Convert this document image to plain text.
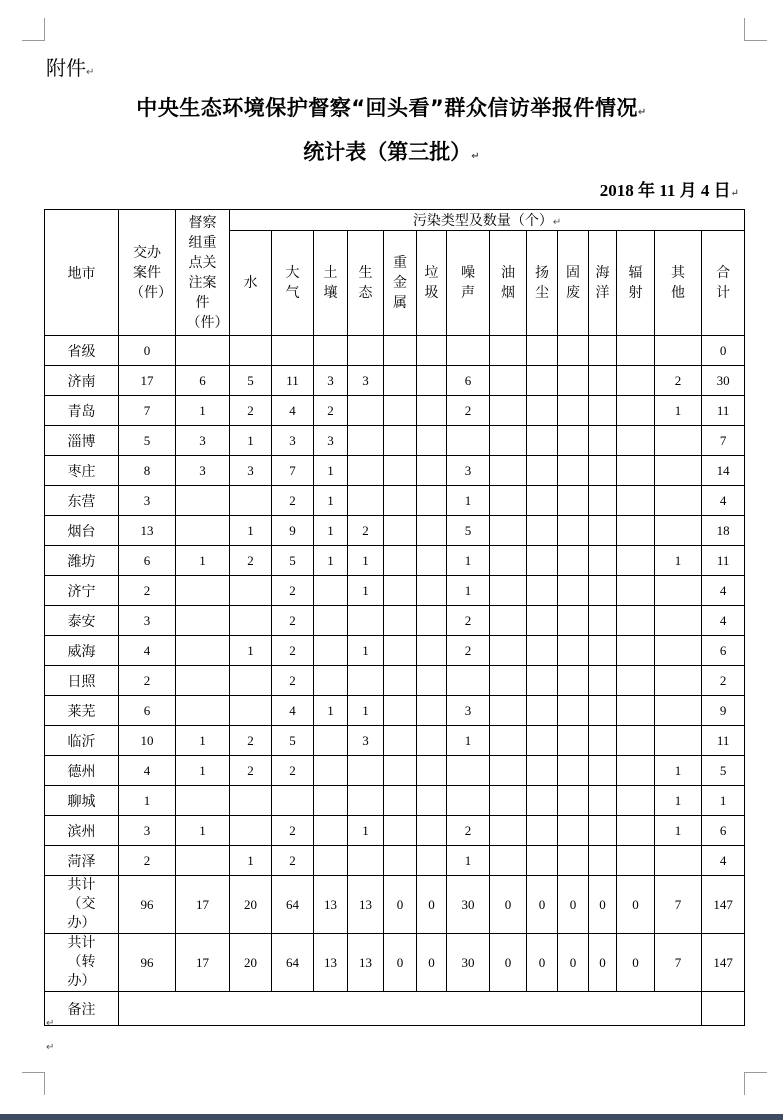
附件↵
中央生态环境保护督察“回头看”群众信访举报件情况↵
统计表（第三批）↵
2018 年 11 月 4 日↵
地市	交办案件（件）	督察组重点关注案件（件）	污染类型及数量（个）↵													

			水	大气	土壤	生态	重金属	垃圾	噪声	油烟	扬尘	固废	海洋	辐射	其他	合计

省级	0															0

济南	17	6	5	11	3	3			6						2	30

青岛	7	1	2	4	2				2						1	11

淄博	5	3	1	3	3											7

枣庄	8	3	3	7	1				3							14

东营	3			2	1				1							4

烟台	13		1	9	1	2			5							18

潍坊	6	1	2	5	1	1			1						1	11

济宁	2			2		1			1							4

泰安	3			2					2							4

威海	4		1	2		1			2							6

日照	2			2												2

莱芜	6			4	1	1			3							9

临沂	10	1	2	5		3			1							11

德州	4	1	2	2											1	5

聊城	1														1	1

滨州	3	1		2		1			2						1	6

菏泽	2		1	2					1							4

共计（交办）	96	17	20	64	13	13	0	0	30	0	0	0	0	0	7	147

共计（转办）	96	17	20	64	13	13	0	0	30	0	0	0	0	0	7	147
备注																
↵
↵
